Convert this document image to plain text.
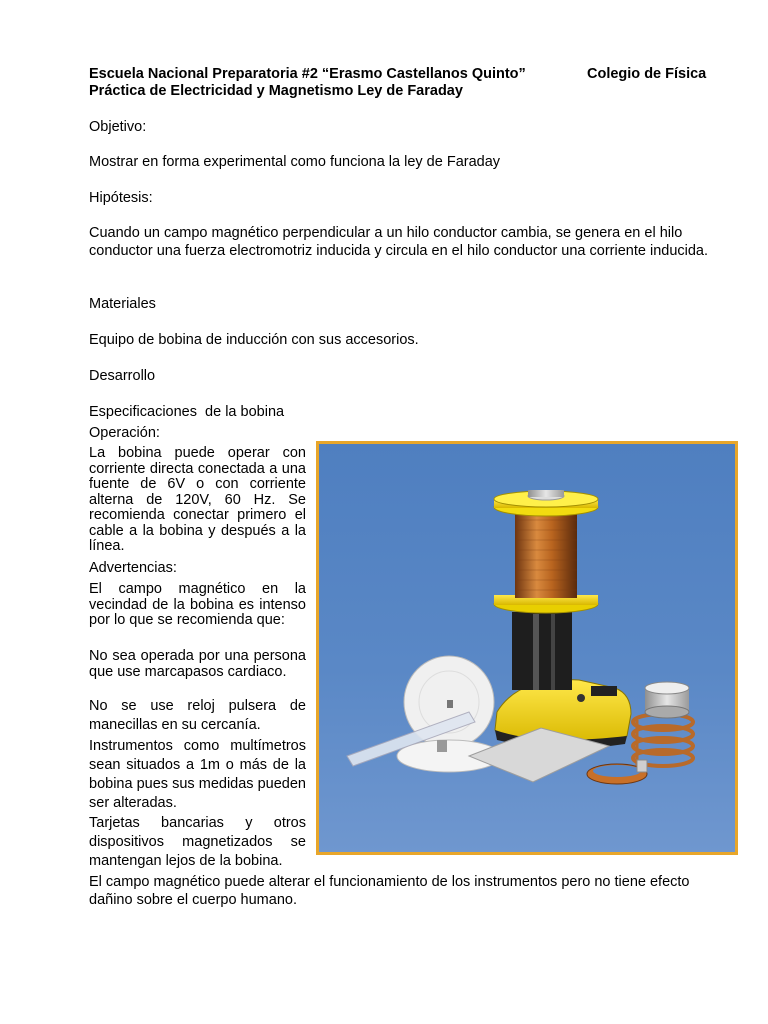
Escuela Nacional Preparatoria #2 “Erasmo Castellanos Quinto”	Colegio de Física
Práctica de Electricidad y Magnetismo Ley de Faraday
Objetivo:
Mostrar en forma experimental como funciona la ley de Faraday
Hipótesis:
Cuando un campo magnético perpendicular a un hilo conductor cambia, se genera en el hilo conductor una fuerza electromotriz inducida y circula en el hilo conductor una corriente inducida.
Materiales
Equipo de bobina de inducción con sus accesorios.
Desarrollo
Especificaciones  de la bobina
Operación:
La bobina puede operar con corriente directa conectada a una fuente de 6V o con corriente alterna de 120V, 60 Hz. Se recomienda conectar primero el cable a la bobina y después a la línea.
Advertencias:
El campo magnético en la vecindad de la bobina es intenso por lo que se recomienda que:
No sea operada por una persona que use marcapasos cardiaco.
No se use reloj pulsera de manecillas en su cercanía.
Instrumentos como multímetros sean situados a 1m o más de la bobina pues sus medidas pueden ser alteradas.
Tarjetas bancarias y otros dispositivos magnetizados se mantengan lejos de la bobina.
El campo magnético puede alterar el funcionamiento de los instrumentos pero no tiene efecto dañino sobre el cuerpo humano.
